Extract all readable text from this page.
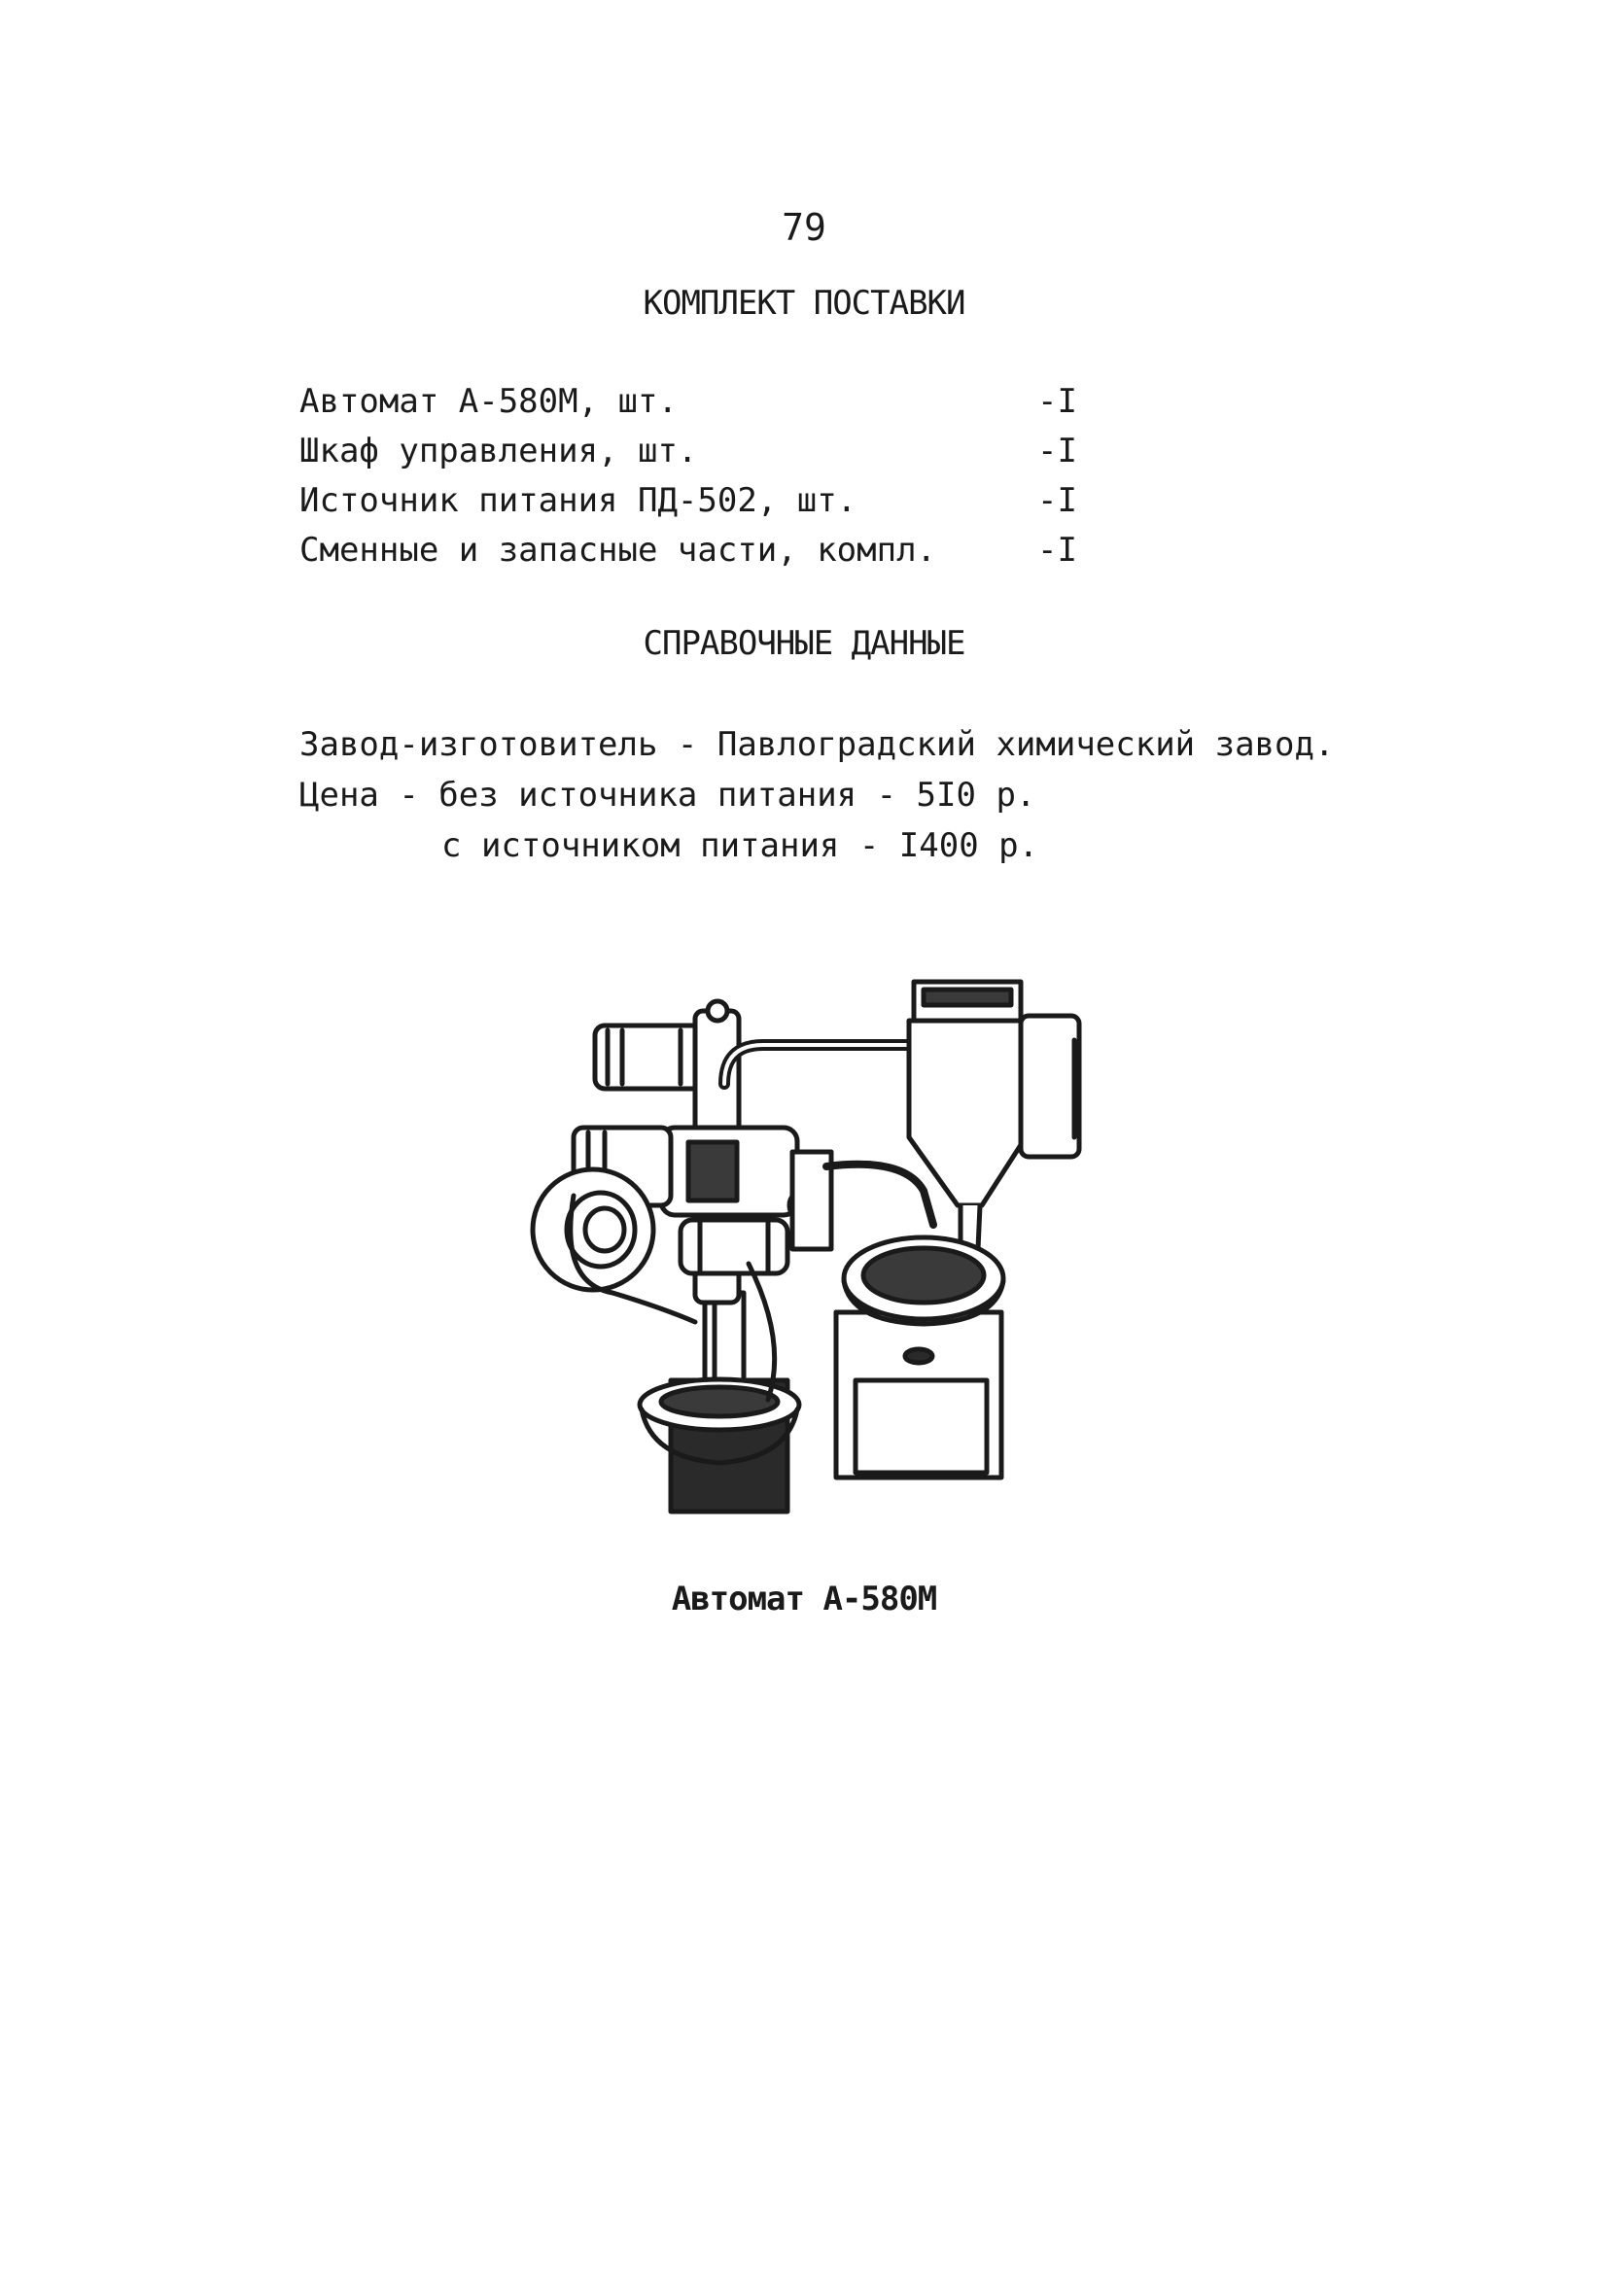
79
КОМПЛЕКТ ПОСТАВКИ
Автомат А-580М, шт.	-I
Шкаф управления, шт.	-I
Источник питания ПД-502, шт.	-I
Сменные и запасные части, компл.	-I
СПРАВОЧНЫЕ ДАННЫЕ
Завод-изготовитель - Павлоградский химический завод.
Цена - без источника питания - 5I0 р.
с источником питания - I400 р.
Автомат А-580М
